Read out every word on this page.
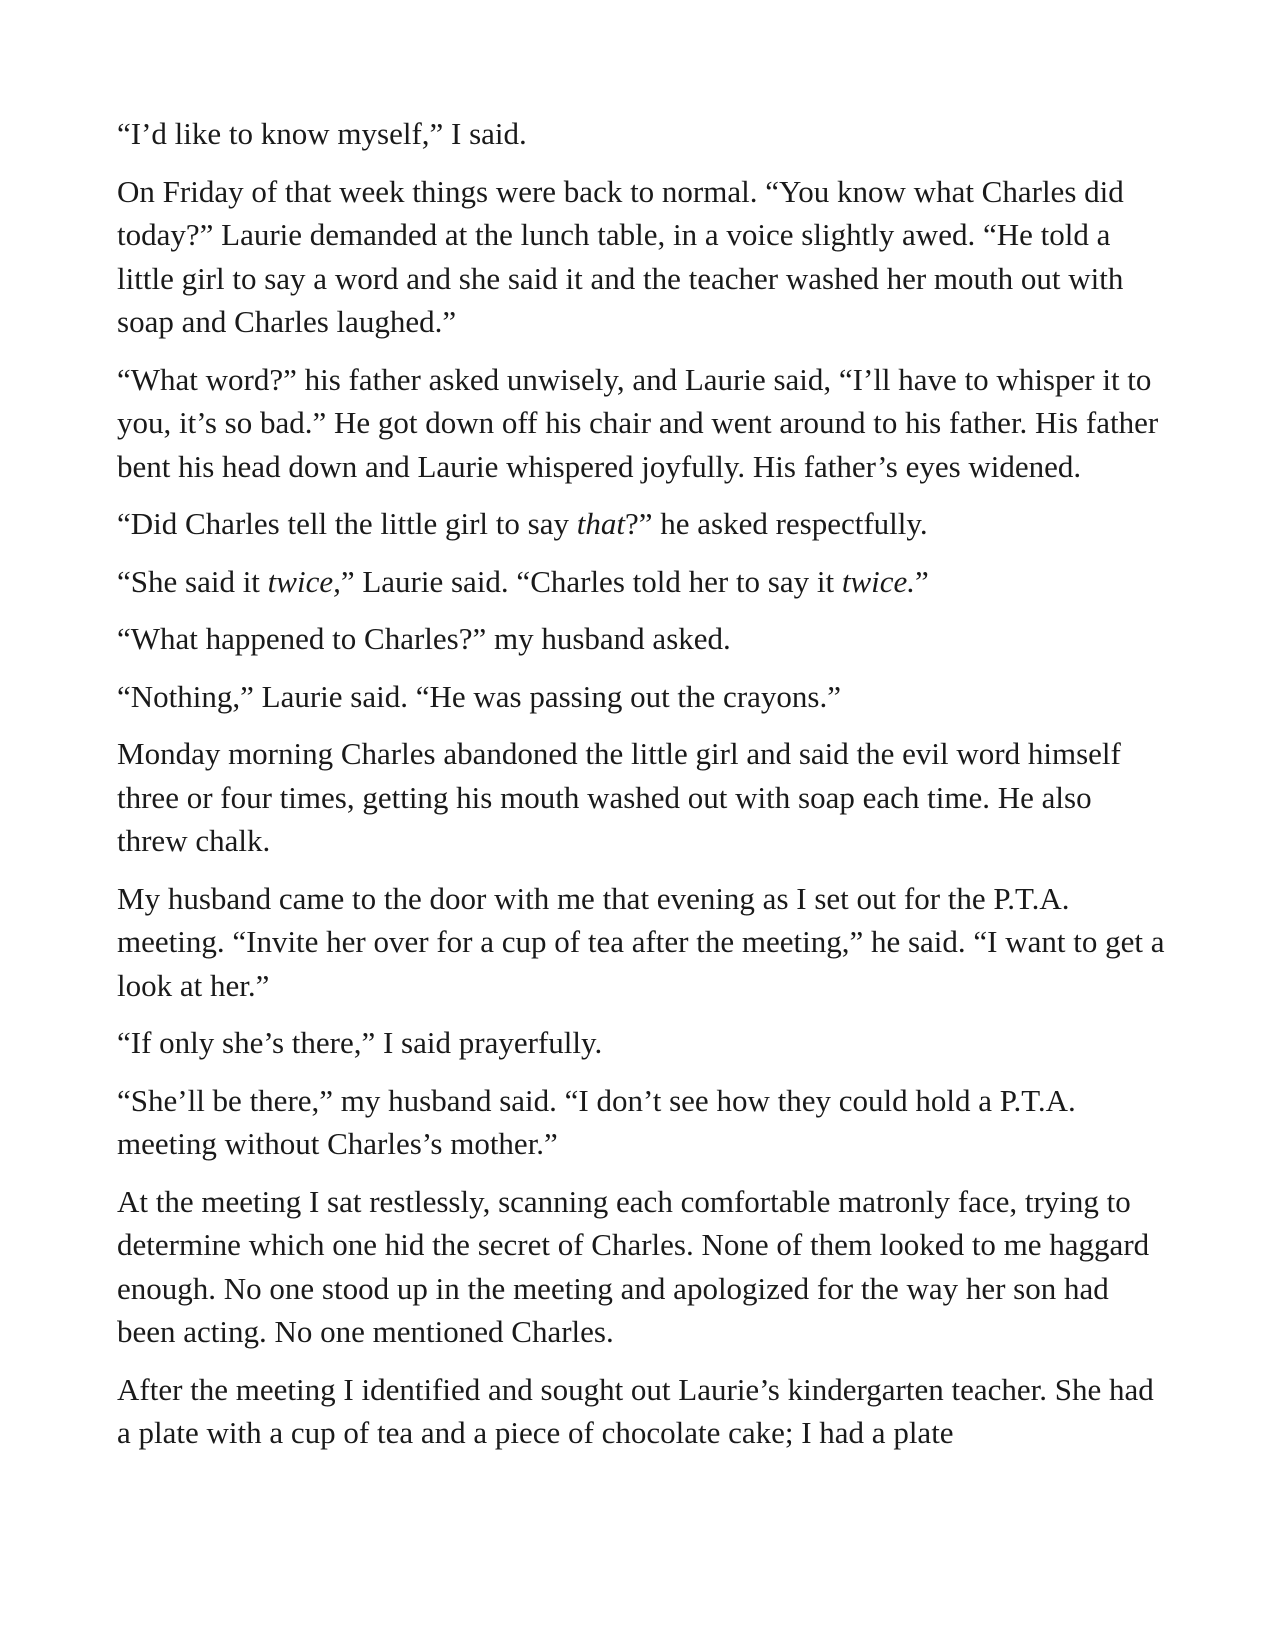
“I’d like to know myself,” I said.

On Friday of that week things were back to normal. “You know what Charles did today?” Laurie demanded at the lunch table, in a voice slightly awed. “He told a little girl to say a word and she said it and the teacher washed her mouth out with soap and Charles laughed.”

“What word?” his father asked unwisely, and Laurie said, “I’ll have to whisper it to you, it’s so bad.” He got down off his chair and went around to his father. His father bent his head down and Laurie whispered joyfully. His father’s eyes widened.

“Did Charles tell the little girl to say that?” he asked respectfully.

“She said it twice,” Laurie said. “Charles told her to say it twice.”

“What happened to Charles?” my husband asked.

“Nothing,” Laurie said. “He was passing out the crayons.”

Monday morning Charles abandoned the little girl and said the evil word himself three or four times, getting his mouth washed out with soap each time. He also threw chalk.

My husband came to the door with me that evening as I set out for the P.T.A. meeting. “Invite her over for a cup of tea after the meeting,” he said. “I want to get a look at her.”

“If only she’s there,” I said prayerfully.

“She’ll be there,” my husband said. “I don’t see how they could hold a P.T.A. meeting without Charles’s mother.”

At the meeting I sat restlessly, scanning each comfortable matronly face, trying to determine which one hid the secret of Charles. None of them looked to me haggard enough. No one stood up in the meeting and apologized for the way her son had been acting. No one mentioned Charles.

After the meeting I identified and sought out Laurie’s kindergarten teacher. She had a plate with a cup of tea and a piece of chocolate cake; I had a plate
